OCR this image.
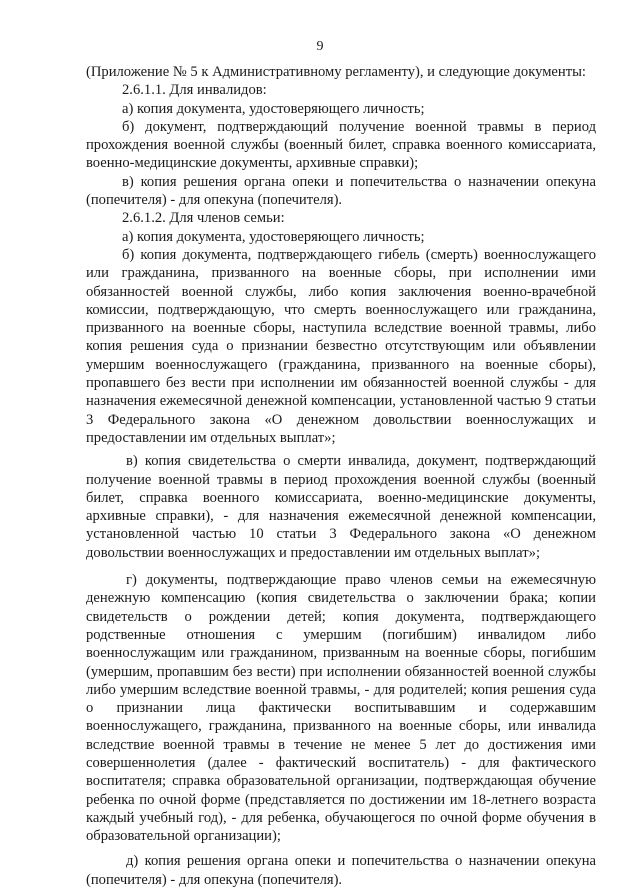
9

(Приложение № 5 к Административному регламенту), и следующие документы:

2.6.1.1. Для инвалидов:

а) копия документа, удостоверяющего личность;

б) документ, подтверждающий получение военной травмы в период прохождения военной службы (военный билет, справка военного комиссариата, военно-медицинские документы, архивные справки);

в) копия решения органа опеки и попечительства о назначении опекуна (попечителя) - для опекуна (попечителя).

2.6.1.2. Для членов семьи:

а) копия документа, удостоверяющего личность;

б) копия документа, подтверждающего гибель (смерть) военнослужащего или гражданина, призванного на военные сборы, при исполнении ими обязанностей военной службы, либо копия заключения военно-врачебной комиссии, подтверждающую, что смерть военнослужащего или гражданина, призванного на военные сборы, наступила вследствие военной травмы, либо копия решения суда о признании безвестно отсутствующим или объявлении умершим военнослужащего (гражданина, призванного на военные сборы), пропавшего без вести при исполнении им обязанностей военной службы - для назначения ежемесячной денежной компенсации, установленной частью 9 статьи 3 Федерального закона «О денежном довольствии военнослужащих и предоставлении им отдельных выплат»;

в) копия свидетельства о смерти инвалида, документ, подтверждающий получение военной травмы в период прохождения военной службы (военный билет, справка военного комиссариата, военно-медицинские документы, архивные справки), - для назначения ежемесячной денежной компенсации, установленной частью 10 статьи 3 Федерального закона «О денежном довольствии военнослужащих и предоставлении им отдельных выплат»;

г) документы, подтверждающие право членов семьи на ежемесячную денежную компенсацию (копия свидетельства о заключении брака; копии свидетельств о рождении детей; копия документа, подтверждающего родственные отношения с умершим (погибшим) инвалидом либо военнослужащим или гражданином, призванным на военные сборы, погибшим (умершим, пропавшим без вести) при исполнении обязанностей военной службы либо умершим вследствие военной травмы, - для родителей; копия решения суда о признании лица фактически воспитывавшим и содержавшим военнослужащего, гражданина, призванного на военные сборы, или инвалида вследствие военной травмы в течение не менее 5 лет до достижения ими совершеннолетия (далее - фактический воспитатель) - для фактического воспитателя; справка образовательной организации, подтверждающая обучение ребенка по очной форме (представляется по достижении им 18-летнего возраста каждый учебный год), - для ребенка, обучающегося по очной форме обучения в образовательной организации);

д) копия решения органа опеки и попечительства о назначении опекуна (попечителя) - для опекуна (попечителя).
